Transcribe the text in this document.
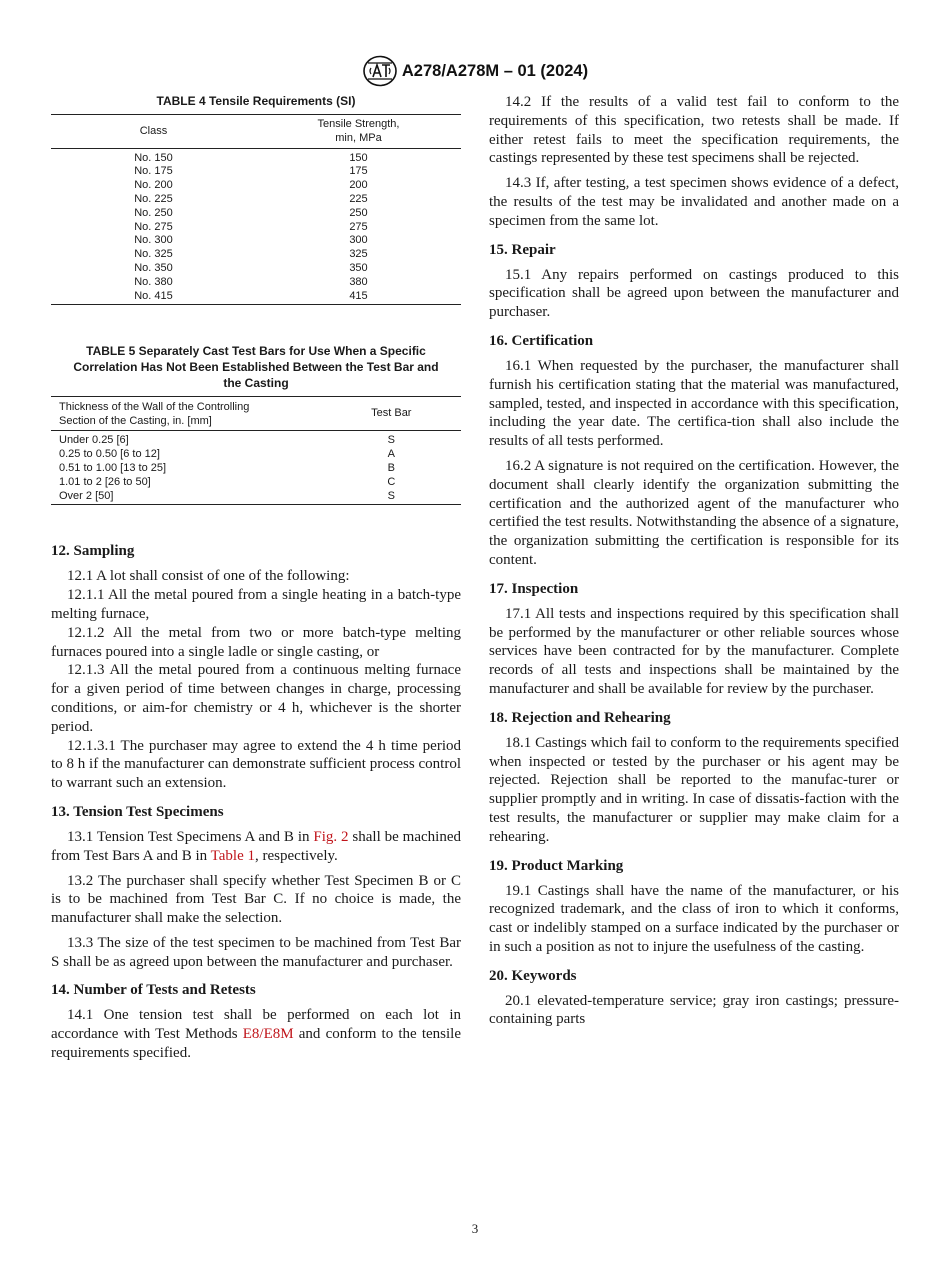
A278/A278M – 01 (2024)
TABLE 4 Tensile Requirements (SI)
Class	Tensile Strength,
min, MPa
No. 150	150
No. 175	175
No. 200	200
No. 225	225
No. 250	250
No. 275	275
No. 300	300
No. 325	325
No. 350	350
No. 380	380
No. 415	415
TABLE 5 Separately Cast Test Bars for Use When a Specific
Correlation Has Not Been Established Between the Test Bar and
the Casting
Thickness of the Wall of the Controlling
Section of the Casting, in. [mm]	Test Bar
Under 0.25 [6]	S
0.25 to 0.50 [6 to 12]	A
0.51 to 1.00 [13 to 25]	B
1.01 to 2 [26 to 50]	C
Over 2 [50]	S
12. Sampling

12.1 A lot shall consist of one of the following:

12.1.1 All the metal poured from a single heating in a batch-type melting furnace,

12.1.2 All the metal from two or more batch-type melting furnaces poured into a single ladle or single casting, or

12.1.3 All the metal poured from a continuous melting furnace for a given period of time between changes in charge, processing conditions, or aim-for chemistry or 4 h, whichever is the shorter period.

12.1.3.1 The purchaser may agree to extend the 4 h time period to 8 h if the manufacturer can demonstrate sufficient process control to warrant such an extension.

13. Tension Test Specimens

13.1 Tension Test Specimens A and B in Fig. 2 shall be machined from Test Bars A and B in Table 1, respectively.

13.2 The purchaser shall specify whether Test Specimen B or C is to be machined from Test Bar C. If no choice is made, the manufacturer shall make the selection.

13.3 The size of the test specimen to be machined from Test Bar S shall be as agreed upon between the manufacturer and purchaser.

14. Number of Tests and Retests

14.1 One tension test shall be performed on each lot in accordance with Test Methods E8/E8M and conform to the tensile requirements specified.

14.2 If the results of a valid test fail to conform to the requirements of this specification, two retests shall be made. If either retest fails to meet the specification requirements, the castings represented by these test specimens shall be rejected.

14.3 If, after testing, a test specimen shows evidence of a defect, the results of the test may be invalidated and another made on a specimen from the same lot.

15. Repair

15.1 Any repairs performed on castings produced to this specification shall be agreed upon between the manufacturer and purchaser.

16. Certification

16.1 When requested by the purchaser, the manufacturer shall furnish his certification stating that the material was manufactured, sampled, tested, and inspected in accordance with this specification, including the year date. The certifica-tion shall also include the results of all tests performed.

16.2 A signature is not required on the certification. However, the document shall clearly identify the organization submitting the certification and the authorized agent of the manufacturer who certified the test results. Notwithstanding the absence of a signature, the organization submitting the certification is responsible for its content.

17. Inspection

17.1 All tests and inspections required by this specification shall be performed by the manufacturer or other reliable sources whose services have been contracted for by the manufacturer. Complete records of all tests and inspections shall be maintained by the manufacturer and shall be available for review by the purchaser.

18. Rejection and Rehearing

18.1 Castings which fail to conform to the requirements specified when inspected or tested by the purchaser or his agent may be rejected. Rejection shall be reported to the manufac-turer or supplier promptly and in writing. In case of dissatis-faction with the test results, the manufacturer or supplier may make claim for a rehearing.

19. Product Marking

19.1 Castings shall have the name of the manufacturer, or his recognized trademark, and the class of iron to which it conforms, cast or indelibly stamped on a surface indicated by the purchaser or in such a position as not to injure the usefulness of the casting.

20. Keywords

20.1 elevated-temperature service; gray iron castings; pressure-containing parts

3
